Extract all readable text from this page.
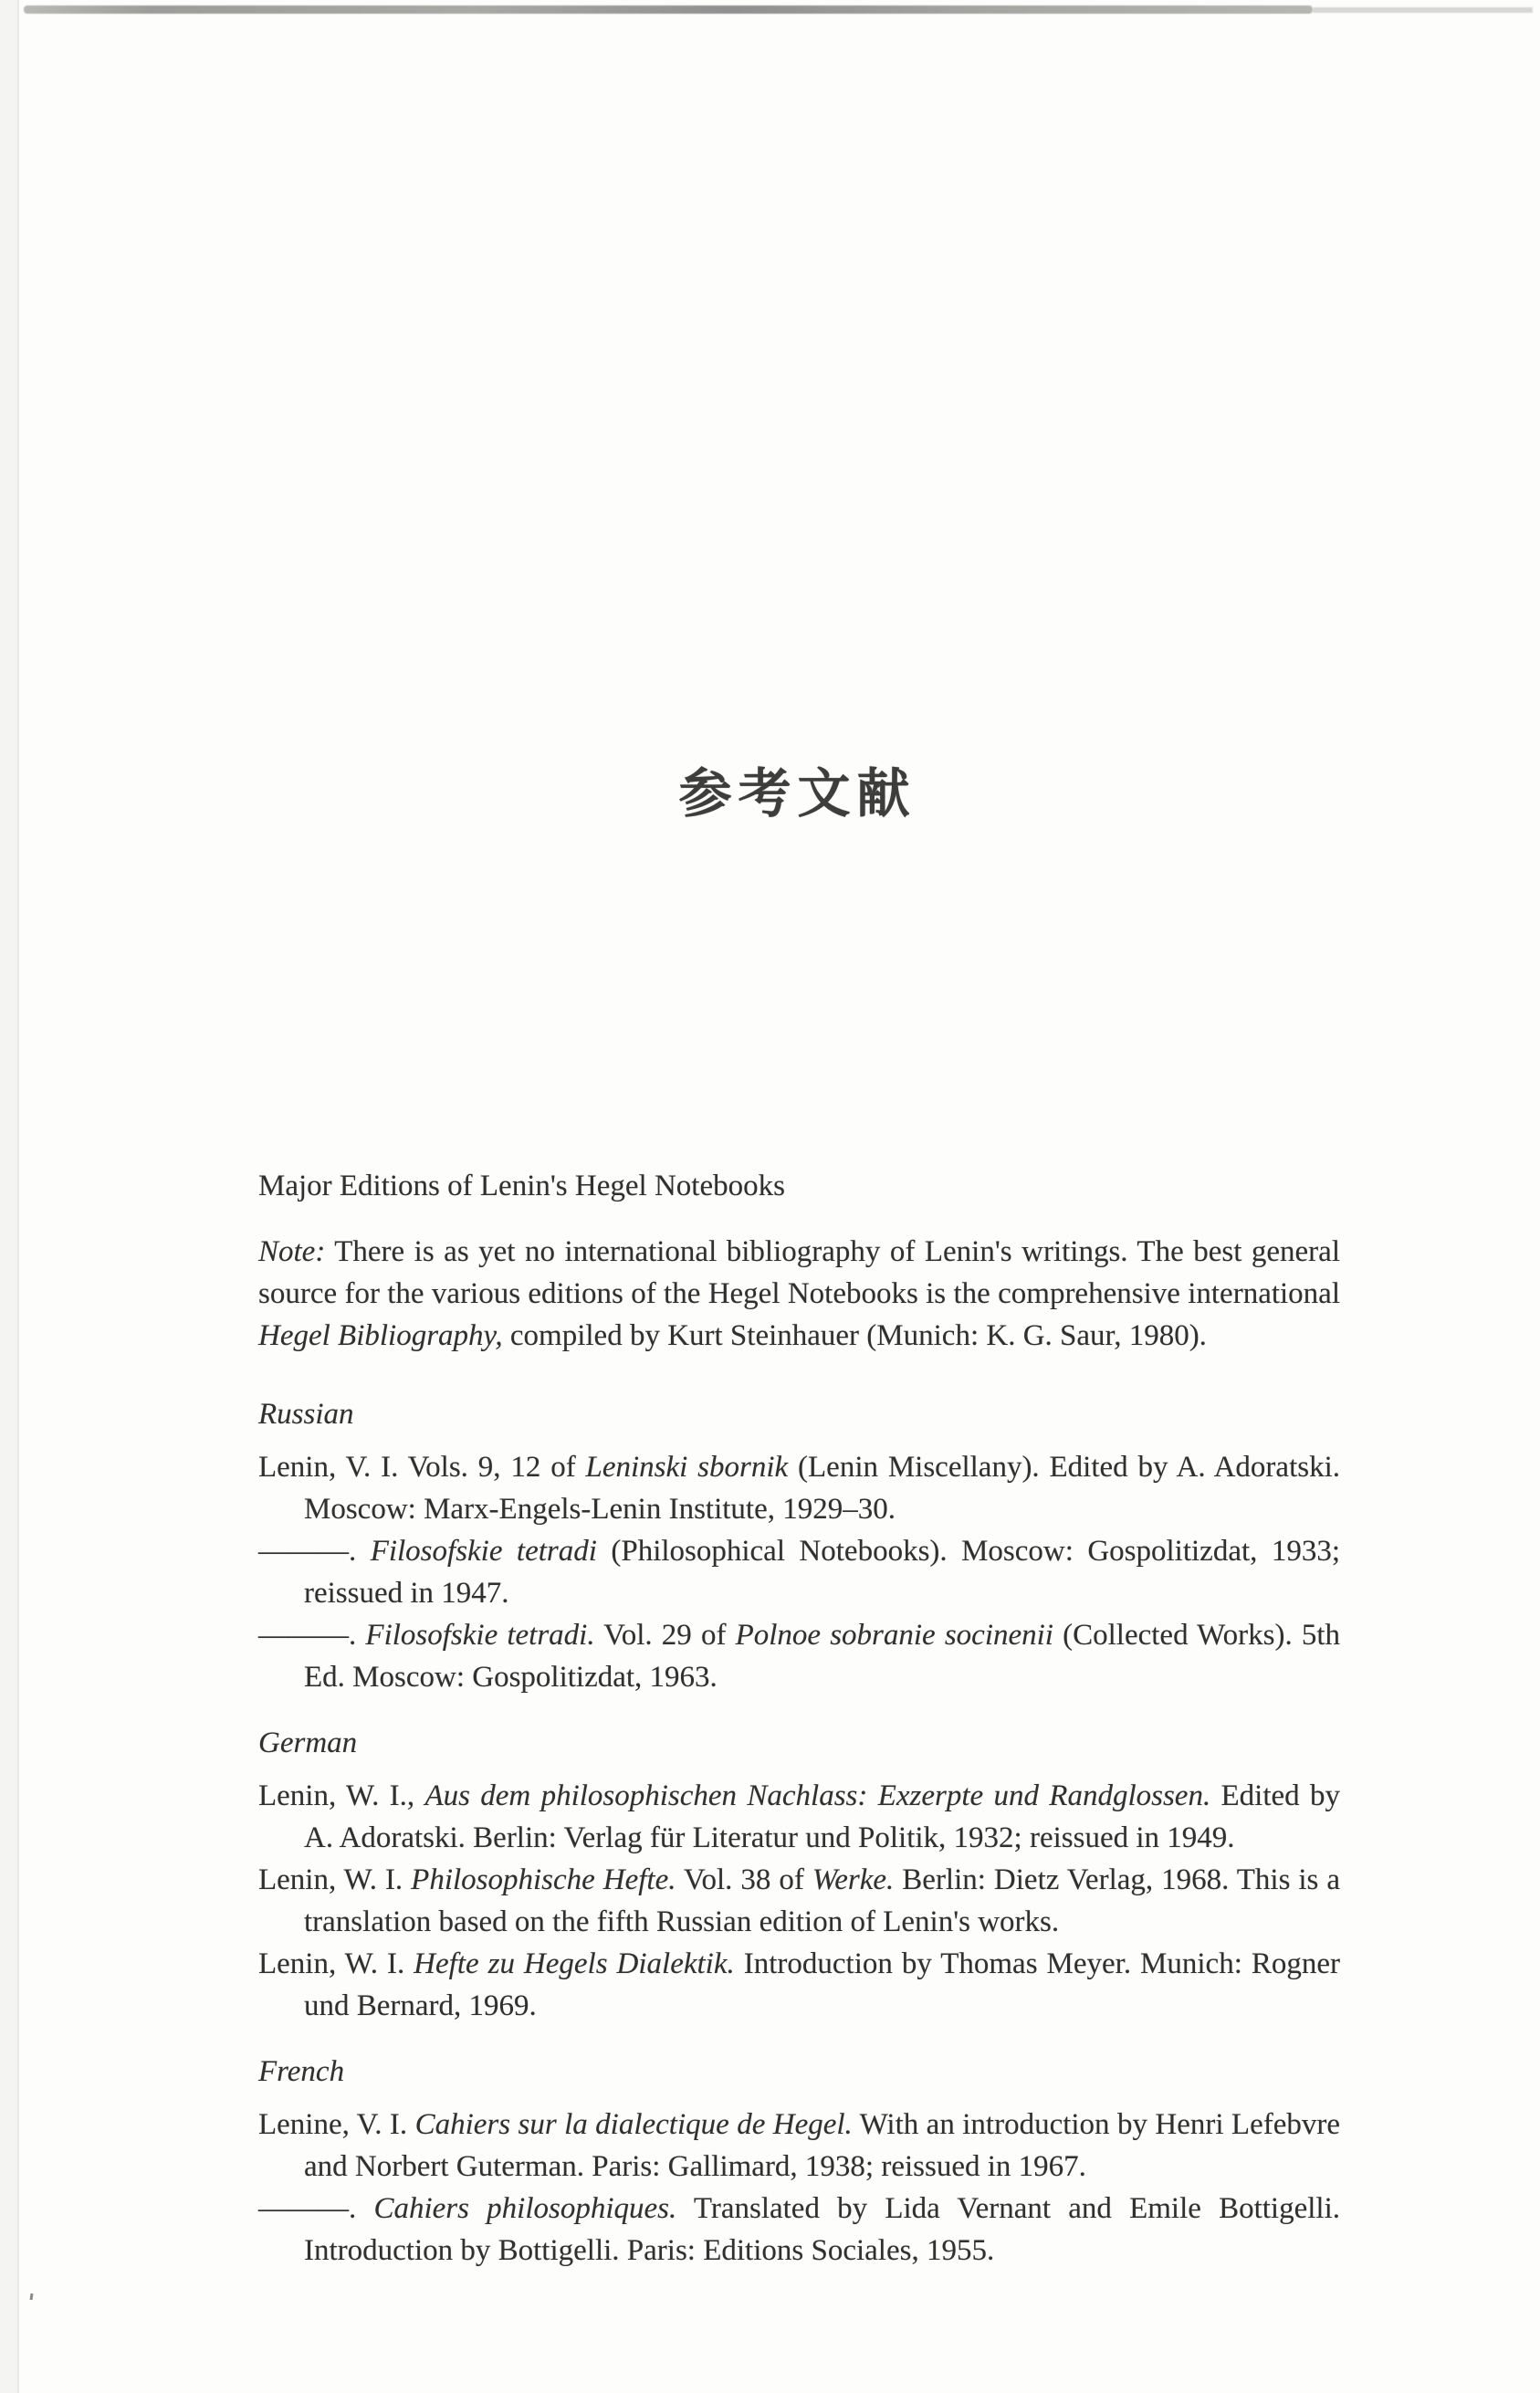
参考文献

Major Editions of Lenin's Hegel Notebooks

Note: There is as yet no international bibliography of Lenin's writings. The best general source for the various editions of the Hegel Notebooks is the comprehensive international Hegel Bibliography, compiled by Kurt Steinhauer (Munich: K. G. Saur, 1980).

Russian

Lenin, V. I. Vols. 9, 12 of Leninski sbornik (Lenin Miscellany). Edited by A. Adoratski. Moscow: Marx-Engels-Lenin Institute, 1929–30.

———. Filosofskie tetradi (Philosophical Notebooks). Moscow: Gospolitizdat, 1933; reissued in 1947.

———. Filosofskie tetradi. Vol. 29 of Polnoe sobranie socinenii (Collected Works). 5th Ed. Moscow: Gospolitizdat, 1963.

German

Lenin, W. I., Aus dem philosophischen Nachlass: Exzerpte und Randglossen. Edited by A. Adoratski. Berlin: Verlag für Literatur und Politik, 1932; reissued in 1949.

Lenin, W. I. Philosophische Hefte. Vol. 38 of Werke. Berlin: Dietz Verlag, 1968. This is a translation based on the fifth Russian edition of Lenin's works.

Lenin, W. I. Hefte zu Hegels Dialektik. Introduction by Thomas Meyer. Munich: Rogner und Bernard, 1969.

French

Lenine, V. I. Cahiers sur la dialectique de Hegel. With an introduction by Henri Lefebvre and Norbert Guterman. Paris: Gallimard, 1938; reissued in 1967.

———. Cahiers philosophiques. Translated by Lida Vernant and Emile Bottigelli. Introduction by Bottigelli. Paris: Editions Sociales, 1955.
